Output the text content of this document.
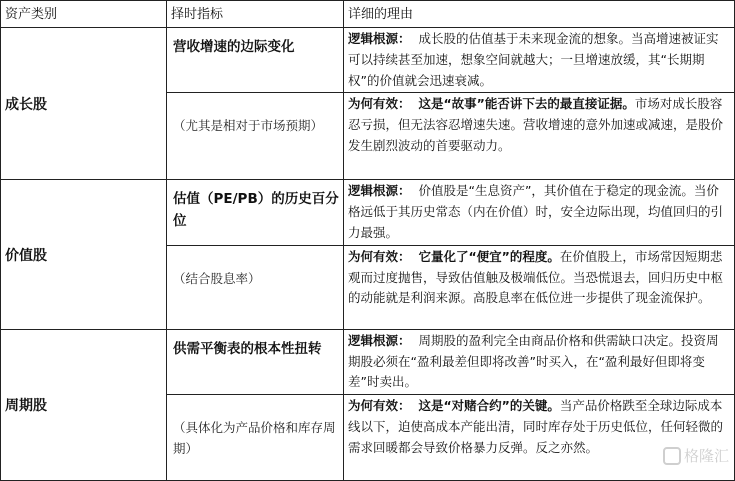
资产类别	择时指标	详细的理由
成长股	营收增速的边际变化	逻辑根源： 成长股的估值基于未来现金流的想象。当高增速被证实可以持续甚至加速，想象空间就越大；一旦增速放缓，其“长期期权”的价值就会迅速衰减。
	（尤其是相对于市场预期）	为何有效： 这是“故事”能否讲下去的最直接证据。市场对成长股容忍亏损，但无法容忍增速失速。营收增速的意外加速或减速，是股价发生剧烈波动的首要驱动力。
价值股	估值（PE/PB）的历史百分位	逻辑根源： 价值股是“生息资产”，其价值在于稳定的现金流。当价格远低于其历史常态（内在价值）时，安全边际出现，均值回归的引力最强。
	（结合股息率）	为何有效： 它量化了“便宜”的程度。在价值股上，市场常因短期悲观而过度抛售，导致估值触及极端低位。当恐慌退去，回归历史中枢的动能就是利润来源。高股息率在低位进一步提供了现金流保护。
周期股	供需平衡表的根本性扭转	逻辑根源： 周期股的盈利完全由商品价格和供需缺口决定。投资周期股必须在“盈利最差但即将改善”时买入，在“盈利最好但即将变差”时卖出。
	（具体化为产品价格和库存周期）	为何有效： 这是“对赌合约”的关键。当产品价格跌至全球边际成本线以下，迫使高成本产能出清，同时库存处于历史低位，任何轻微的需求回暖都会导致价格暴力反弹。反之亦然。	格隆汇
